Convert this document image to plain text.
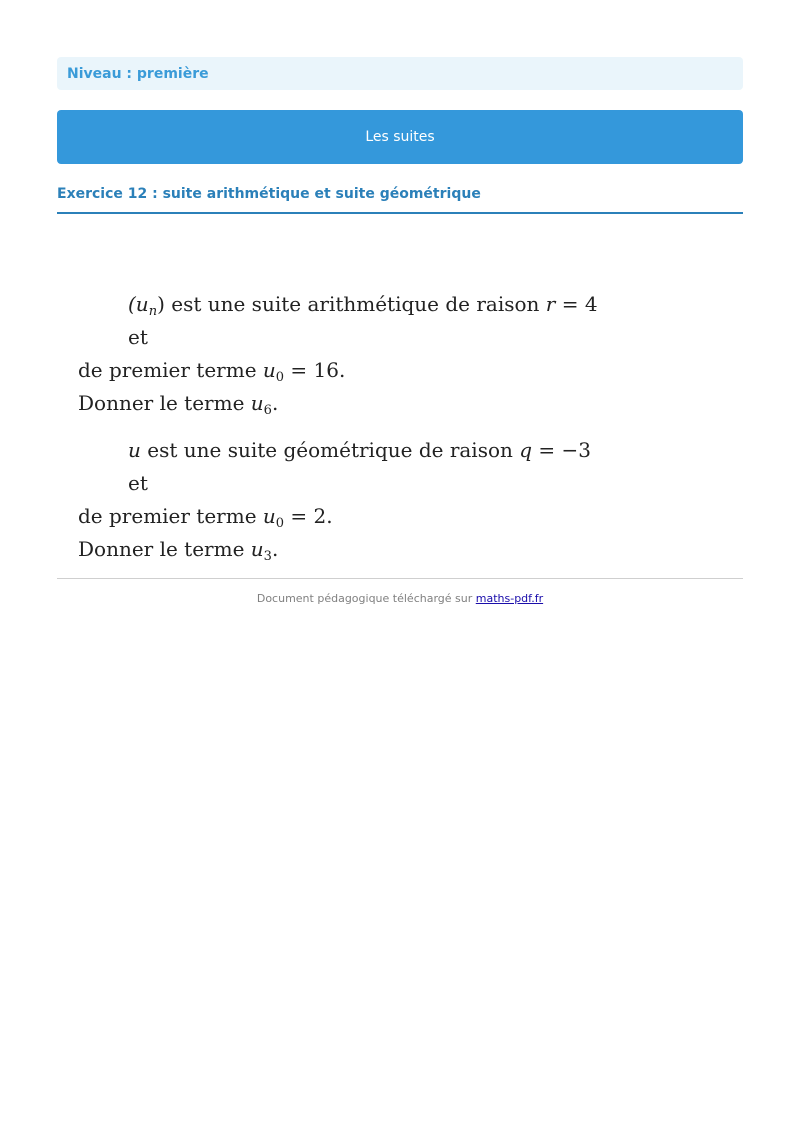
Niveau : première
Les suites
Exercice 12 : suite arithmétique et suite géométrique

$(u_n)$ est une suite arithmétique de raison r = 4 et

de premier terme $u_0 = 16$.

Donner le terme $u_6$.

u est une suite géométrique de raison q = −3 et

de premier terme $u_0 = 2$.

Donner le terme $u_3$.

Document pédagogique téléchargé sur maths-pdf.fr
